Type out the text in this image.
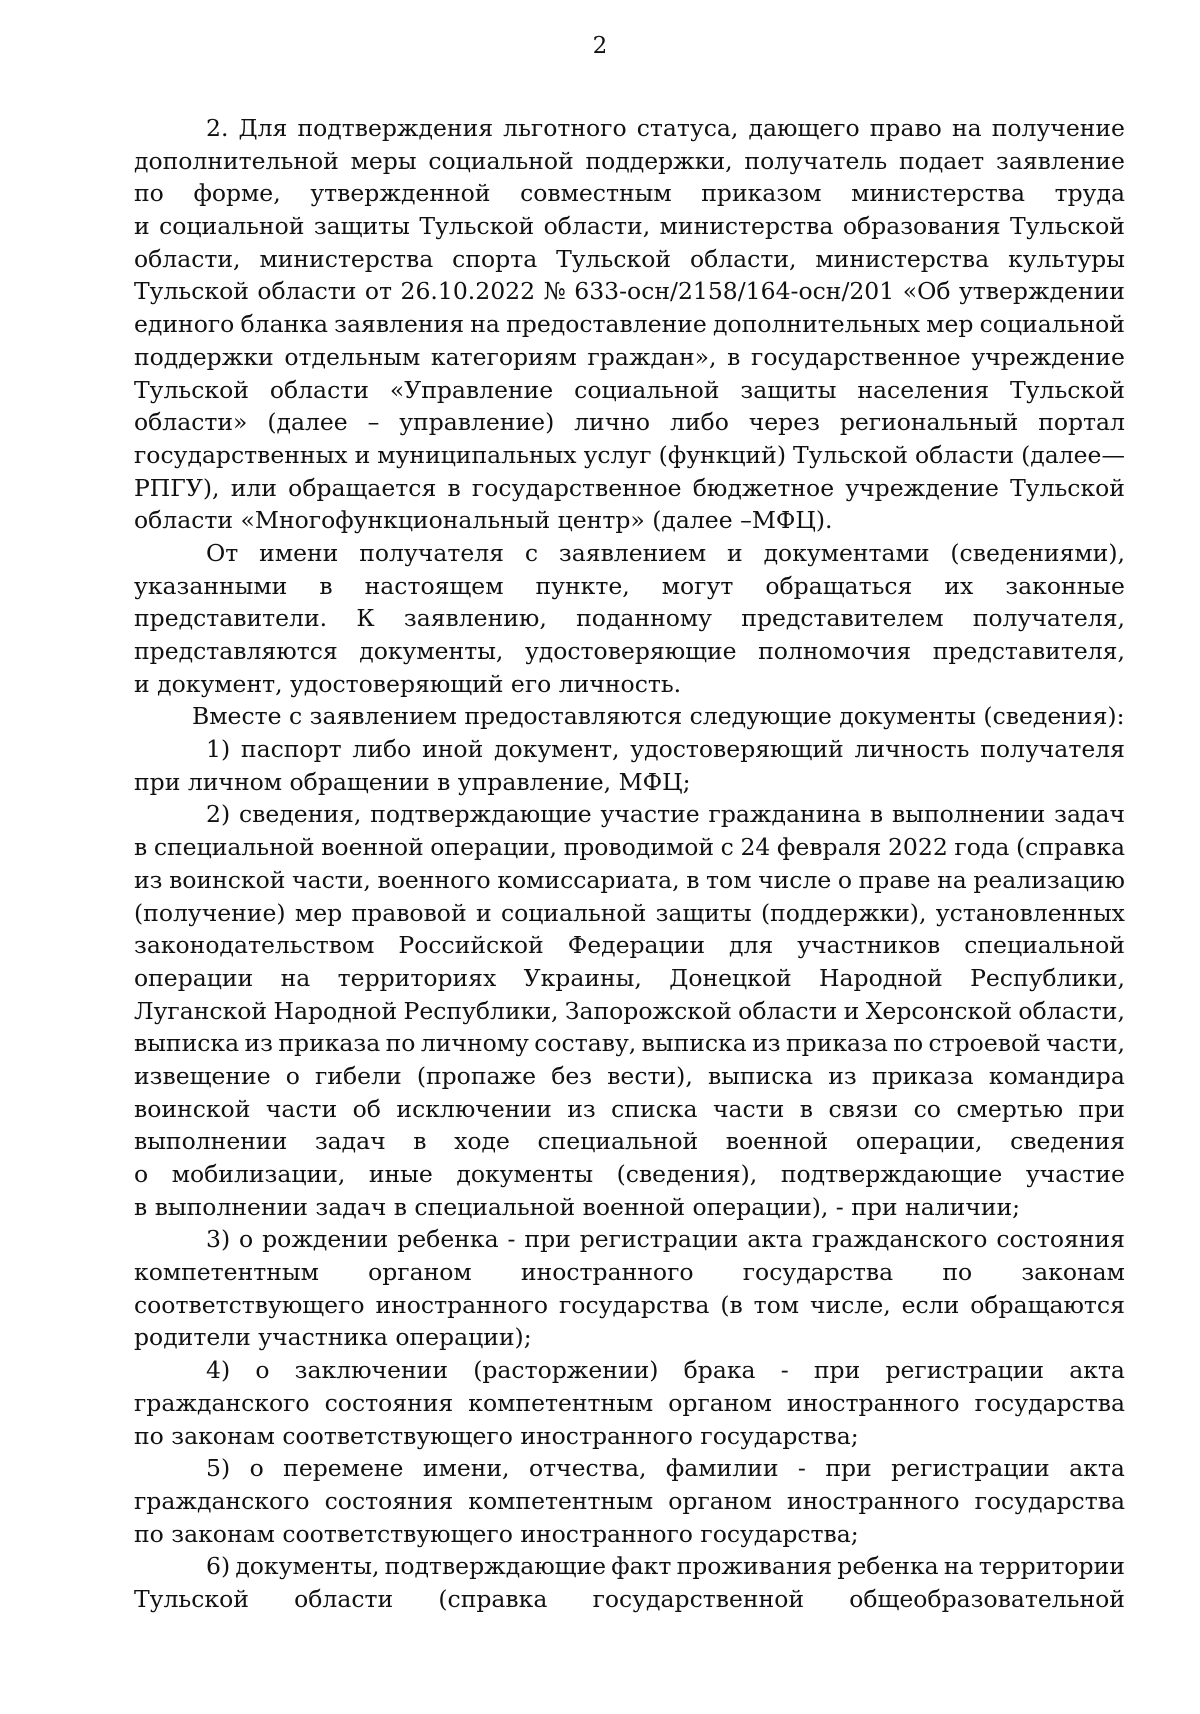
2
2. Для подтверждения льготного статуса, дающего право на получение
дополнительной меры социальной поддержки, получатель подает заявление
по форме, утвержденной совместным приказом министерства труда
и социальной защиты Тульской области, министерства образования Тульской
области, министерства спорта Тульской области, министерства культуры
Тульской области от 26.10.2022 № 633-осн/2158/164-осн/201 «Об утверждении
единого бланка заявления на предоставление дополнительных мер социальной
поддержки отдельным категориям граждан», в государственное учреждение
Тульской области «Управление социальной защиты населения Тульской
области» (далее – управление) лично либо через региональный портал
государственных и муниципальных услуг (функций) Тульской области (далее—
РПГУ), или обращается в государственное бюджетное учреждение Тульской
области «Многофункциональный центр» (далее –МФЦ).
От имени получателя с заявлением и документами (сведениями),
указанными в настоящем пункте, могут обращаться их законные
представители. К заявлению, поданному представителем получателя,
представляются документы, удостоверяющие полномочия представителя,
и документ, удостоверяющий его личность.
Вместе с заявлением предоставляются следующие документы (сведения):
1) паспорт либо иной документ, удостоверяющий личность получателя
при личном обращении в управление, МФЦ;
2) сведения, подтверждающие участие гражданина в выполнении задач
в специальной военной операции, проводимой с 24 февраля 2022 года (справка
из воинской части, военного комиссариата, в том числе о праве на реализацию
(получение) мер правовой и социальной защиты (поддержки), установленных
законодательством Российской Федерации для участников специальной
операции на территориях Украины, Донецкой Народной Республики,
Луганской Народной Республики, Запорожской области и Херсонской области,
выписка из приказа по личному составу, выписка из приказа по строевой части,
извещение о гибели (пропаже без вести), выписка из приказа командира
воинской части об исключении из списка части в связи со смертью при
выполнении задач в ходе специальной военной операции, сведения
о мобилизации, иные документы (сведения), подтверждающие участие
в выполнении задач в специальной военной операции), - при наличии;
3) о рождении ребенка - при регистрации акта гражданского состояния
компетентным органом иностранного государства по законам
соответствующего иностранного государства (в том числе, если обращаются
родители участника операции);
4) о заключении (расторжении) брака - при регистрации акта
гражданского состояния компетентным органом иностранного государства
по законам соответствующего иностранного государства;
5) о перемене имени, отчества, фамилии - при регистрации акта
гражданского состояния компетентным органом иностранного государства
по законам соответствующего иностранного государства;
6) документы, подтверждающие факт проживания ребенка на территории
Тульской области (справка государственной общеобразовательной
